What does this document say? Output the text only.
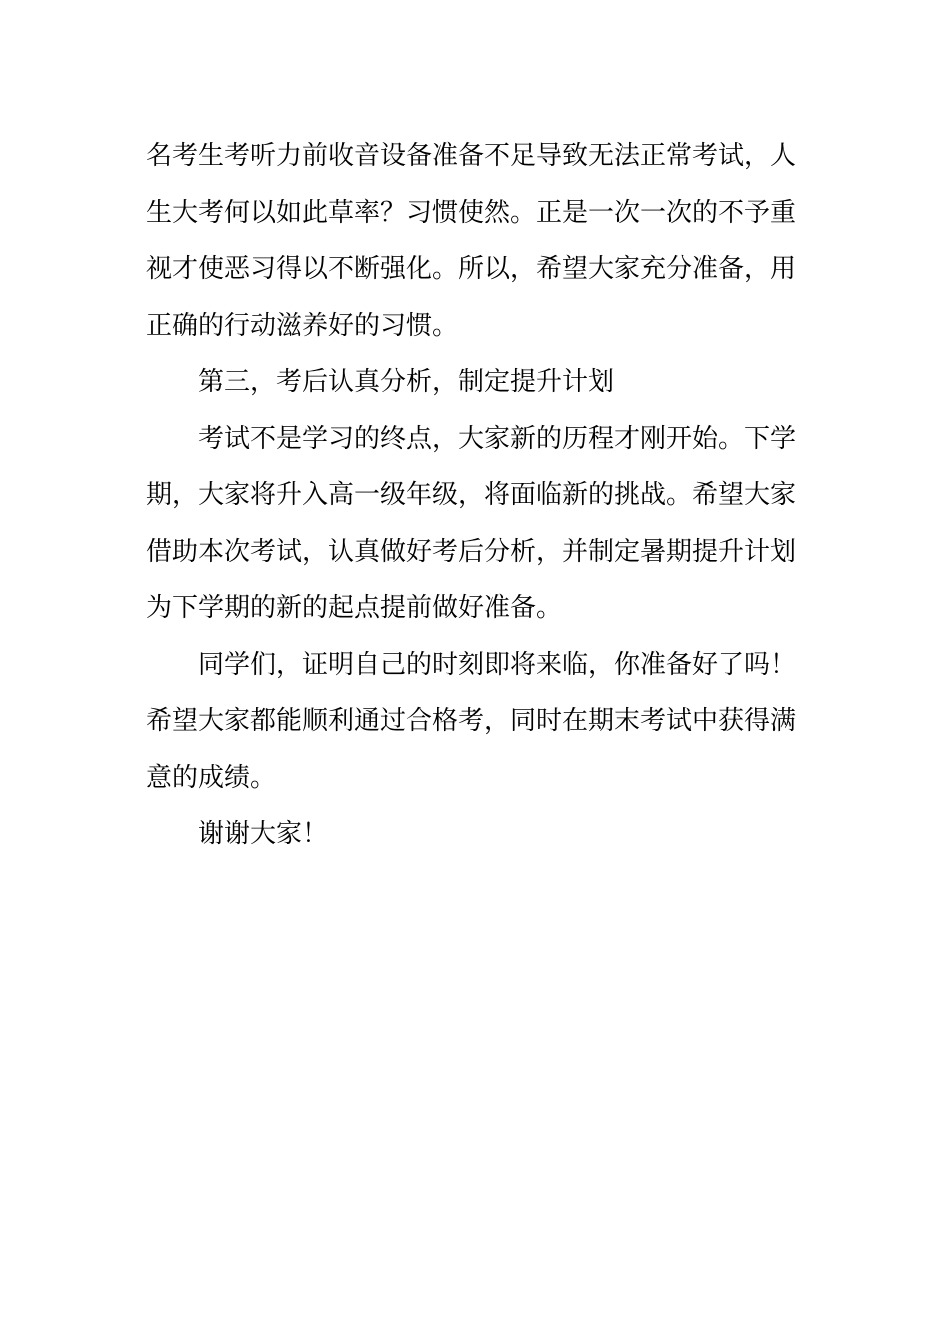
名考生考听力前收音设备准备不足导致无法正常考试，人
生大考何以如此草率？习惯使然。正是一次一次的不予重
视才使恶习得以不断强化。所以，希望大家充分准备，用
正确的行动滋养好的习惯。

第三，考后认真分析，制定提升计划

考试不是学习的终点，大家新的历程才刚开始。下学
期，大家将升入高一级年级，将面临新的挑战。希望大家
借助本次考试，认真做好考后分析，并制定暑期提升计划
为下学期的新的起点提前做好准备。

同学们，证明自己的时刻即将来临，你准备好了吗！
希望大家都能顺利通过合格考，同时在期末考试中获得满
意的成绩。

谢谢大家！
